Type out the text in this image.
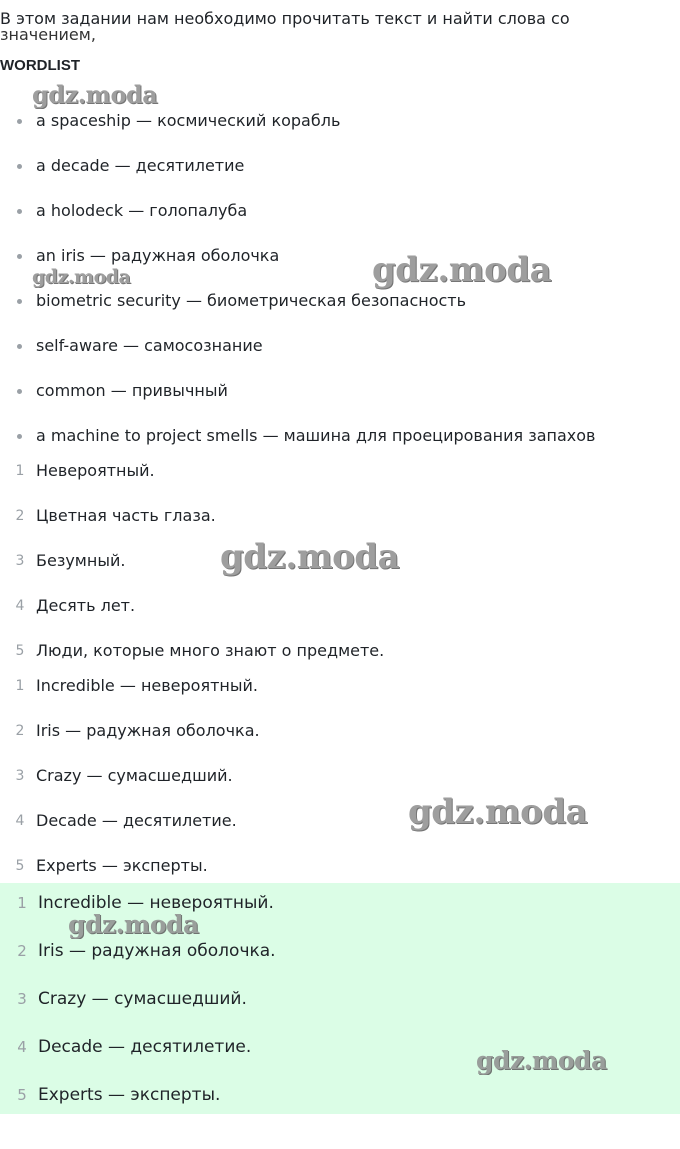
В этом задании нам необходимо прочитать текст и найти слова со
значением,
WORDLIST
a spaceship — космический корабль
a decade — десятилетие
a holodeck — голопалуба
an iris — радужная оболочка
biometric security — биометрическая безопасность
self-aware — самосознание
common — привычный
a machine to project smells — машина для проецирования запахов
1 Невероятный.
2 Цветная часть глаза.
3 Безумный.
4 Десять лет.
5 Люди, которые много знают о предмете.
1 Incredible — невероятный.
2 Iris — радужная оболочка.
3 Crazy — сумасшедший.
4 Decade — десятилетие.
5 Experts — эксперты.
1 Incredible — невероятный.
2 Iris — радужная оболочка.
3 Crazy — сумасшедший.
4 Decade — десятилетие.
5 Experts — эксперты.
gdz.moda
gdz.moda	gdz.moda
gdz.moda
gdz.moda
gdz.moda
gdz.moda
